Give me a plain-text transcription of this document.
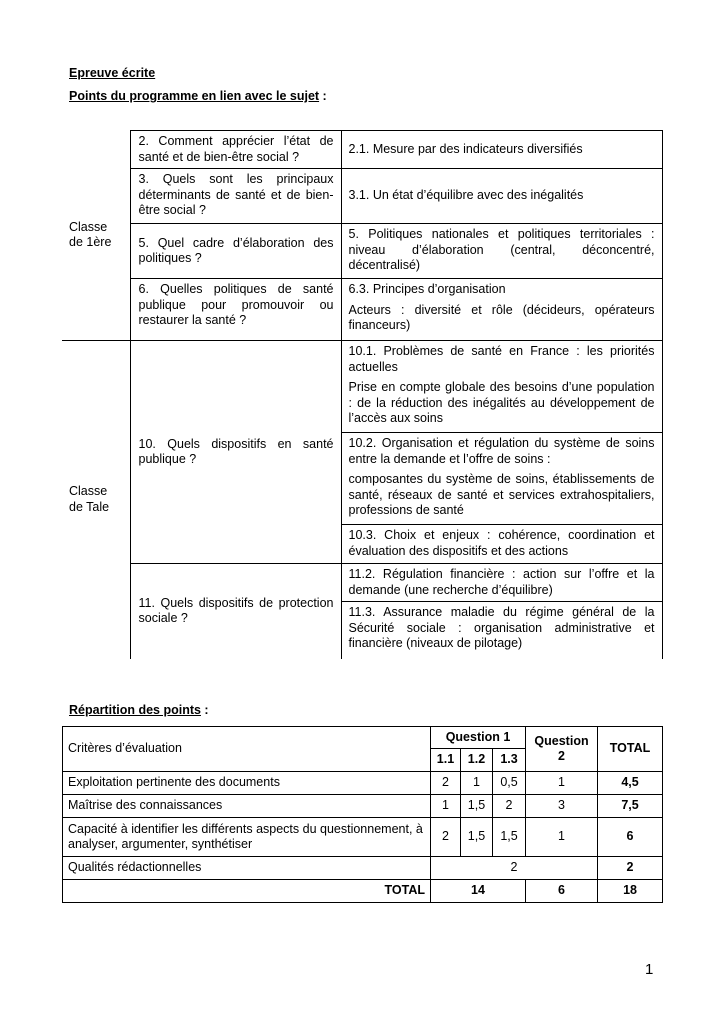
Epreuve écrite
Points du programme en lien avec le sujet :
Classe de 1ère	2. Comment apprécier l’état de santé et de bien-être social ?	2.1. Mesure par des indicateurs diversifiés
	3. Quels sont les principaux déterminants de santé et de bien-être social ?	3.1. Un état d’équilibre avec des inégalités
	5. Quel cadre d’élaboration des politiques ?	5. Politiques nationales et politiques territoriales : niveau d’élaboration (central, déconcentré, décentralisé)
	6. Quelles politiques de santé publique pour promouvoir ou restaurer la santé ?	6.3. Principes d’organisation
Acteurs : diversité et rôle (décideurs, opérateurs financeurs)

Classe de Tale	10. Quels dispositifs en santé publique ?	10.1. Problèmes de santé en France : les priorités actuelles
Prise en compte globale des besoins d’une population : de la réduction des inégalités au développement de l’accès aux soins

		10.2. Organisation et régulation du système de soins entre la demande et l’offre de soins :
composantes du système de soins, établissements de santé, réseaux de santé et services extrahospitaliers, professions de santé

		10.3. Choix et enjeux : cohérence, coordination et évaluation des dispositifs et des actions
	11. Quels dispositifs de protection sociale ?	11.2. Régulation financière : action sur l’offre et la demande (une recherche d’équilibre)
		11.3. Assurance maladie du régime général de la Sécurité sociale : organisation administrative et financière (niveaux de pilotage)
Répartition des points :
Critères d’évaluation	Question 1			Question 2	TOTAL
	1.1	1.2	1.3		
Exploitation pertinente des documents	2	1	0,5	1	4,5
Maîtrise des connaissances	1	1,5	2	3	7,5
Capacité à identifier les différents aspects du questionnement, à analyser, argumenter, synthétiser	2	1,5	1,5	1	6
Qualités rédactionnelles	2				2
TOTAL	14			6	18
1
